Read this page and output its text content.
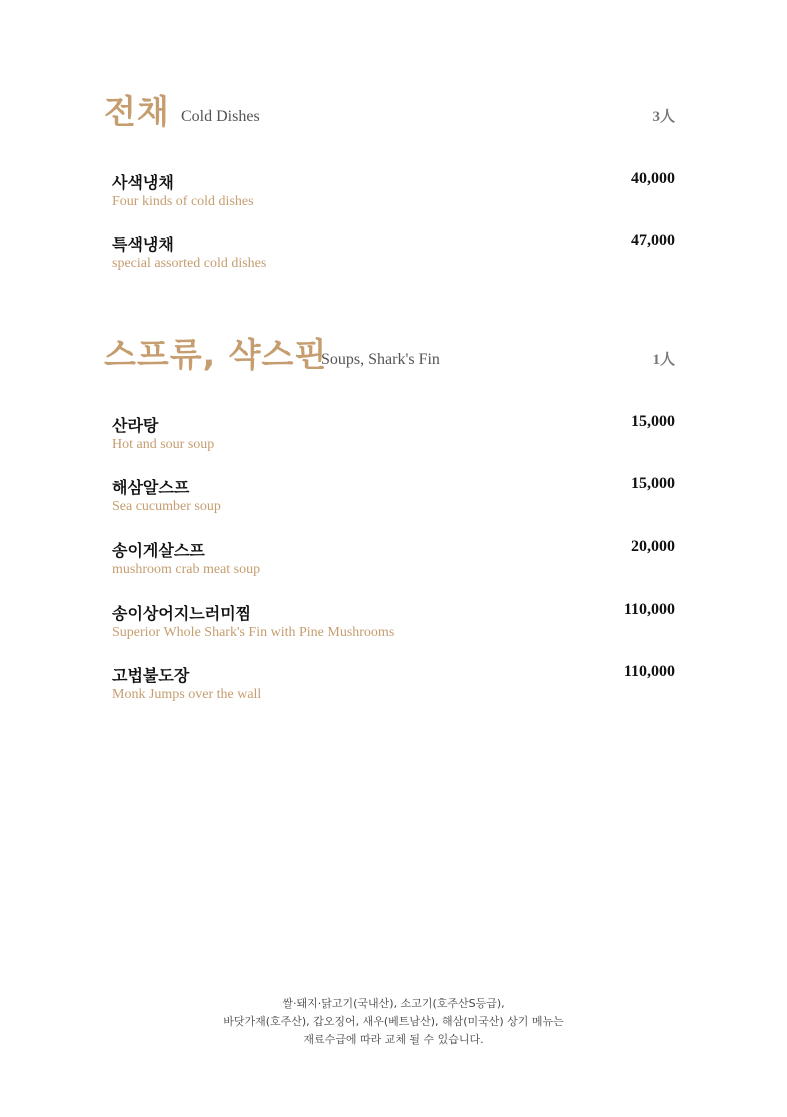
전채 Cold Dishes	3人
사색냉채
Four kinds of cold dishes
40,000
특색냉채
special assorted cold dishes
47,000
스프류, 샥스핀
Soups, Shark's Fin	1人
산라탕
Hot and sour soup
15,000
해삼알스프
Sea cucumber soup
15,000
송이게살스프
mushroom crab meat soup
20,000
송이상어지느러미찜
Superior Whole Shark's Fin with Pine Mushrooms
110,000
고법불도장
Monk Jumps over the wall
110,000
쌀·돼지·닭고기(국내산), 소고기(호주산S등급),
바닷가재(호주산), 갑오징어, 새우(베트남산), 해삼(미국산) 상기 메뉴는
재료수급에 따라 교체 될 수 있습니다.
